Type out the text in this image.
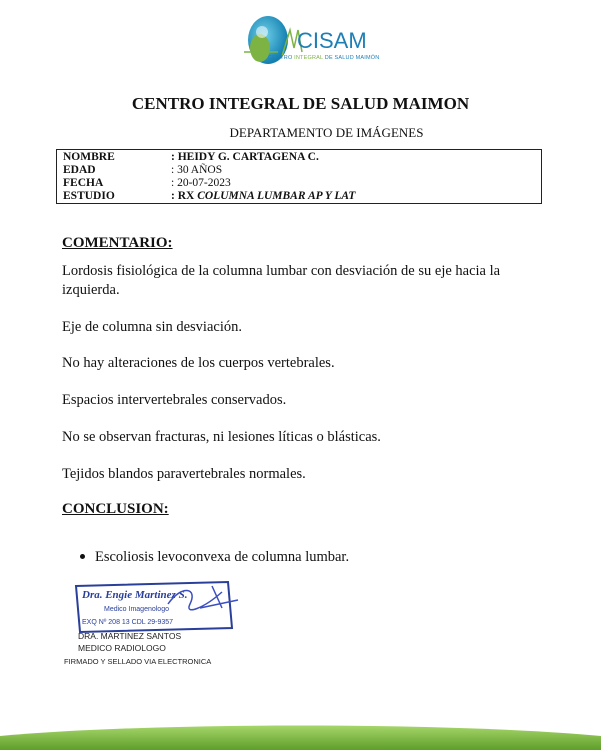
CISAM
CENTRO INTEGRAL DE SALUD MAIMÓN
CENTRO INTEGRAL DE SALUD MAIMON
DEPARTAMENTO DE IMÁGENES
NOMBRE	: HEIDY G. CARTAGENA C.
EDAD	: 30 AÑOS
FECHA	: 20-07-2023
ESTUDIO	: RX COLUMNA LUMBAR AP Y LAT
COMENTARIO:
Lordosis fisiológica de la columna lumbar con desviación de su eje hacia la izquierda.
Eje de columna sin desviación.
No hay alteraciones de los cuerpos vertebrales.
Espacios intervertebrales conservados.
No se observan fracturas, ni lesiones líticas o blásticas.
Tejidos blandos paravertebrales normales.
CONCLUSION:
Escoliosis levoconvexa de columna lumbar.
Dra. Engie Martinez S.
Medico Imagenologo
EXQ Nº 208 13 CDL 29-9357
DRA. MARTINEZ SANTOS
MEDICO RADIOLOGO
FIRMADO Y SELLADO VIA ELECTRONICA
